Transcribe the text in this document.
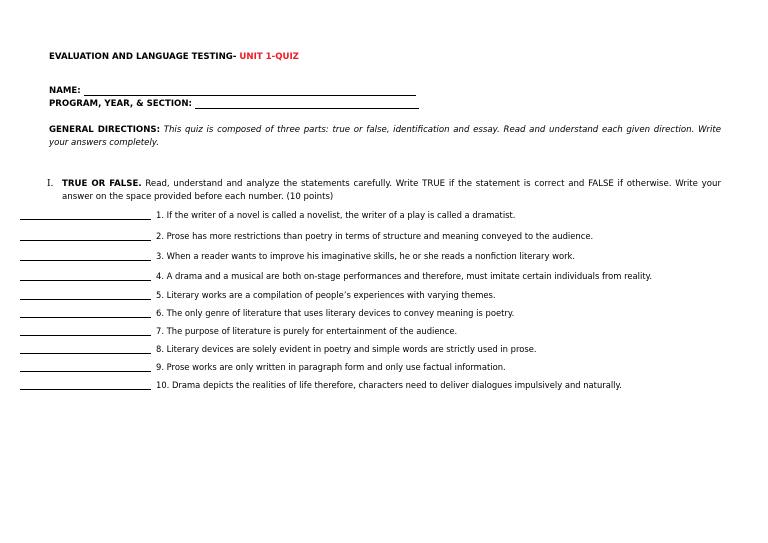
EVALUATION AND LANGUAGE TESTING- UNIT 1-QUIZ
NAME:
PROGRAM, YEAR, & SECTION:
GENERAL DIRECTIONS: This quiz is composed of three parts: true or false, identification and essay. Read and understand each given direction. Write your answers completely.
I. TRUE OR FALSE. Read, understand and analyze the statements carefully. Write TRUE if the statement is correct and FALSE if otherwise. Write your answer on the space provided before each number. (10 points)
1. If the writer of a novel is called a novelist, the writer of a play is called a dramatist.
2. Prose has more restrictions than poetry in terms of structure and meaning conveyed to the audience.
3. When a reader wants to improve his imaginative skills, he or she reads a nonfiction literary work.
4. A drama and a musical are both on-stage performances and therefore, must imitate certain individuals from reality.
5. Literary works are a compilation of people’s experiences with varying themes.
6. The only genre of literature that uses literary devices to convey meaning is poetry.
7. The purpose of literature is purely for entertainment of the audience.
8. Literary devices are solely evident in poetry and simple words are strictly used in prose.
9. Prose works are only written in paragraph form and only use factual information.
10. Drama depicts the realities of life therefore, characters need to deliver dialogues impulsively and naturally.
